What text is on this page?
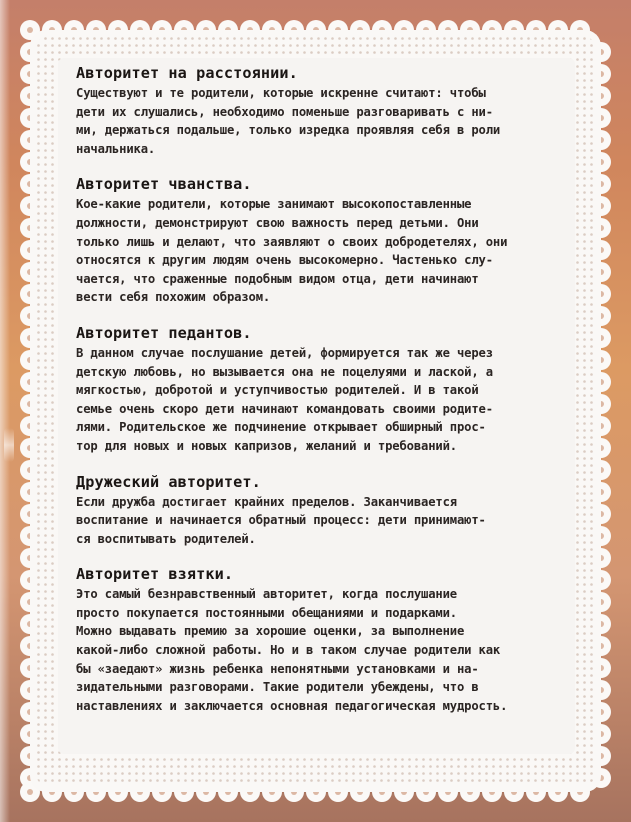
Авторитет на расстоянии.
Существуют и те родители, которые искренне считают: чтобы
дети их слушались, необходимо поменьше разговаривать с ни-
ми, держаться подальше, только изредка проявляя себя в роли
начальника.
Авторитет чванства.
Кое-какие родители, которые занимают высокопоставленные
должности, демонстрируют свою важность перед детьми. Они
только лишь и делают, что заявляют о своих добродетелях, они
относятся к другим людям очень высокомерно. Частенько слу-
чается, что сраженные подобным видом отца, дети начинают
вести себя похожим образом.
Авторитет педантов.
В данном случае послушание детей, формируется так же через
детскую любовь, но вызывается она не поцелуями и лаской, а
мягкостью, добротой и уступчивостью родителей. И в такой
семье очень скоро дети начинают командовать своими родите-
лями. Родительское же подчинение открывает обширный прос-
тор для новых и новых капризов, желаний и требований.
Дружеский авторитет.
Если дружба достигает крайних пределов. Заканчивается
воспитание и начинается обратный процесс: дети принимают-
ся воспитывать родителей.
Авторитет взятки.
Это самый безнравственный авторитет, когда послушание
просто покупается постоянными обещаниями и подарками.
Можно выдавать премию за хорошие оценки, за выполнение
какой-либо сложной работы. Но и в таком случае родители как
бы «заедают» жизнь ребенка непонятными установками и на-
зидательными разговорами. Такие родители убеждены, что в
наставлениях и заключается основная педагогическая мудрость.
